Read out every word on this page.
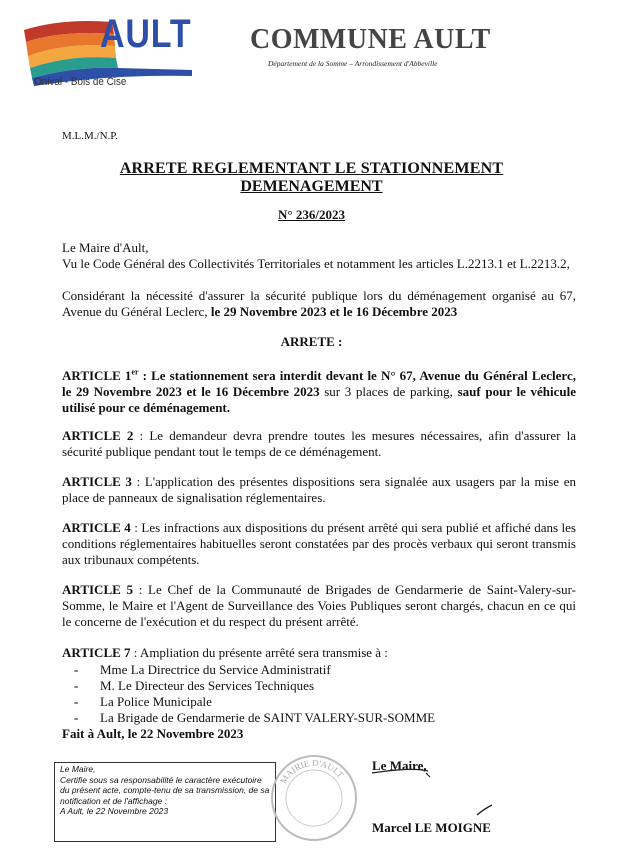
AULT
Onival - Bois de Cise
COMMUNE AULT
Département de la Somme – Arrondissement d'Abbeville
M.L.M./N.P.
ARRETE REGLEMENTANT LE STATIONNEMENT
DEMENAGEMENT
N° 236/2023
Le Maire d'Ault,
Vu le Code Général des Collectivités Territoriales et notamment les articles L.2213.1 et L.2213.2,
Considérant la nécessité d'assurer la sécurité publique lors du déménagement organisé au 67, Avenue du Général Leclerc, le 29 Novembre 2023 et le 16 Décembre 2023
ARRETE :
ARTICLE 1er : Le stationnement sera interdit devant le N° 67, Avenue du Général Leclerc, le 29 Novembre 2023 et le 16 Décembre 2023 sur 3 places de parking, sauf pour le véhicule utilisé pour ce déménagement.
ARTICLE 2 : Le demandeur devra prendre toutes les mesures nécessaires, afin d'assurer la sécurité publique pendant tout le temps de ce déménagement.
ARTICLE 3 : L'application des présentes dispositions sera signalée aux usagers par la mise en place de panneaux de signalisation réglementaires.
ARTICLE 4 : Les infractions aux dispositions du présent arrêté qui sera publié et affiché dans les conditions réglementaires habituelles seront constatées par des procès verbaux qui seront transmis aux tribunaux compétents.
ARTICLE 5 : Le Chef de la Communauté de Brigades de Gendarmerie de Saint-Valery-sur-Somme, le Maire et l'Agent de Surveillance des Voies Publiques seront chargés, chacun en ce qui le concerne de l'exécution et du respect du présent arrêté.
ARTICLE 7 : Ampliation du présente arrêté sera transmise à :
- Mme La Directrice du Service Administratif
- M. Le Directeur des Services Techniques
- La Police Municipale
- La Brigade de Gendarmerie de SAINT VALERY-SUR-SOMME
Fait à Ault, le 22 Novembre 2023
Le Maire,
Certifie sous sa responsabilité le caractère exécutoire du présent acte, compte-tenu de sa transmission, de sa notification et de l'affichage :
A Ault, le 22 Novembre 2023
MAIRIE D'AULT
Le Maire,
Marcel LE MOIGNE
